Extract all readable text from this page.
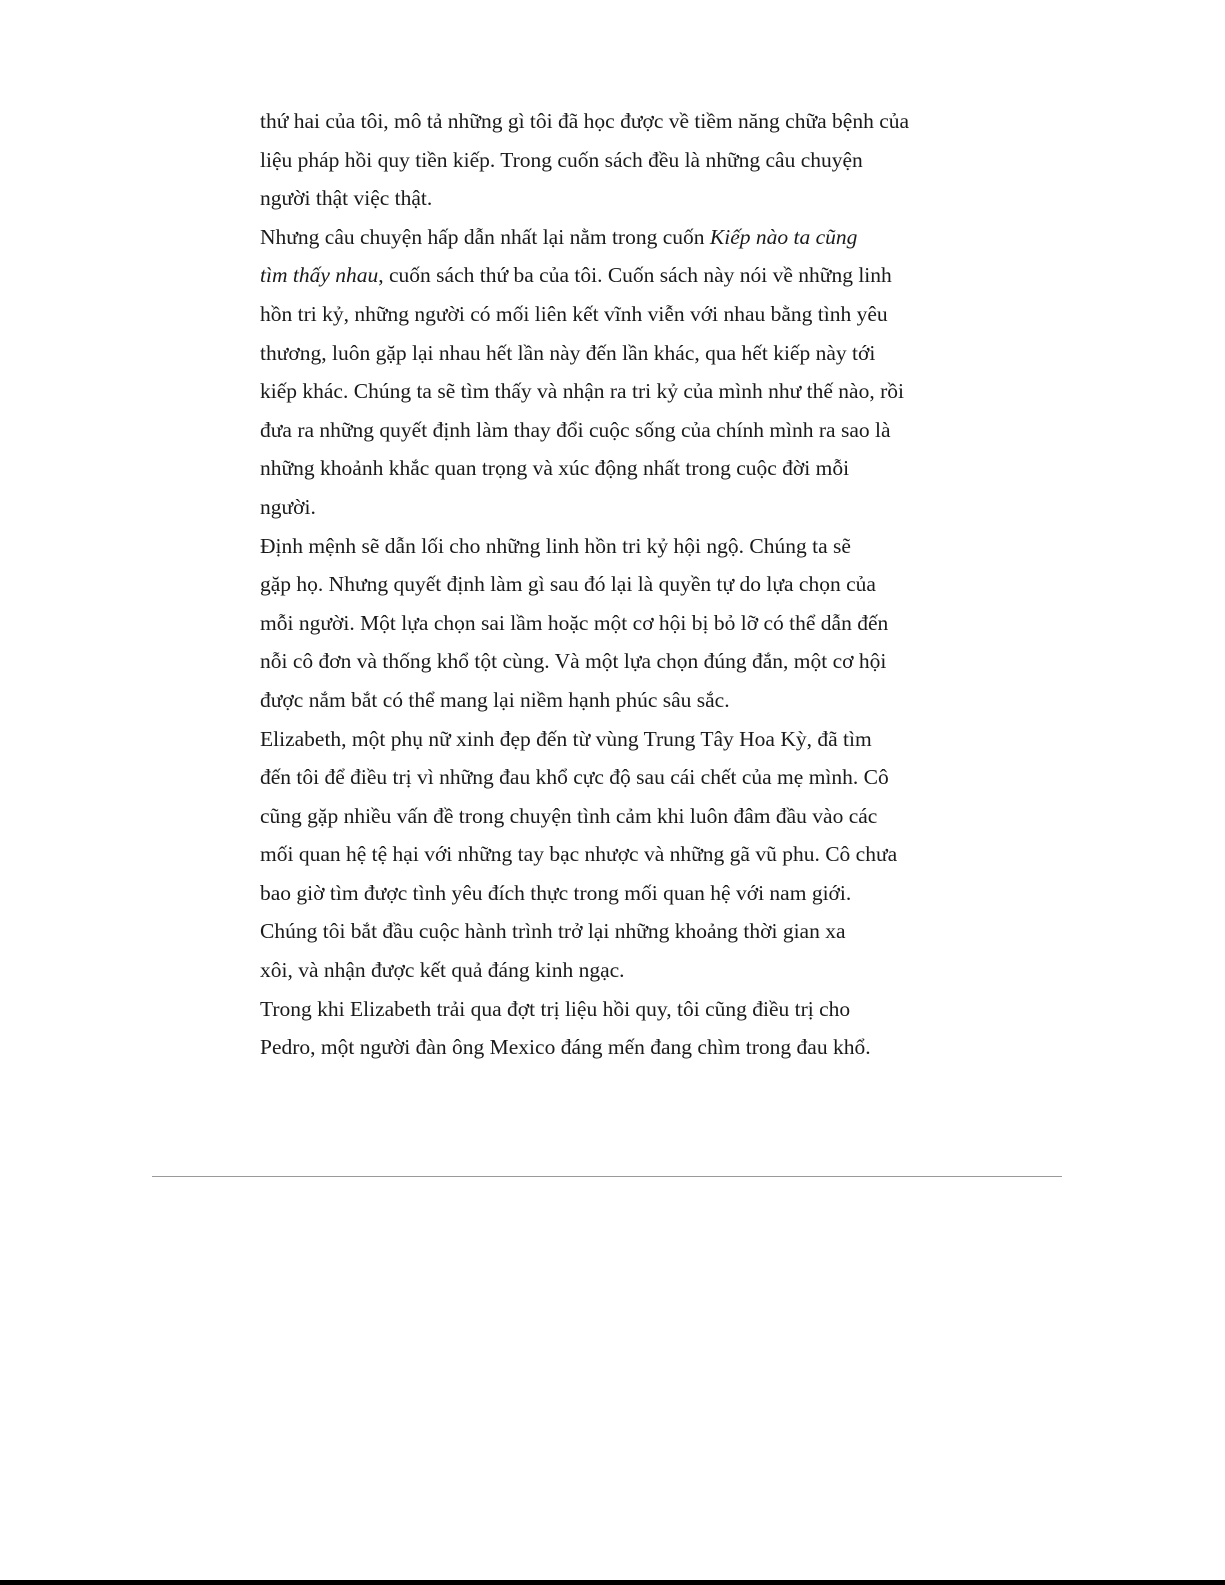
thứ hai của tôi, mô tả những gì tôi đã học được về tiềm năng chữa bệnh của
liệu pháp hồi quy tiền kiếp. Trong cuốn sách đều là những câu chuyện
người thật việc thật.
Nhưng câu chuyện hấp dẫn nhất lại nằm trong cuốn Kiếp nào ta cũng
tìm thấy nhau, cuốn sách thứ ba của tôi. Cuốn sách này nói về những linh
hồn tri kỷ, những người có mối liên kết vĩnh viễn với nhau bằng tình yêu
thương, luôn gặp lại nhau hết lần này đến lần khác, qua hết kiếp này tới
kiếp khác. Chúng ta sẽ tìm thấy và nhận ra tri kỷ của mình như thế nào, rồi
đưa ra những quyết định làm thay đổi cuộc sống của chính mình ra sao là
những khoảnh khắc quan trọng và xúc động nhất trong cuộc đời mỗi
người.
Định mệnh sẽ dẫn lối cho những linh hồn tri kỷ hội ngộ. Chúng ta sẽ
gặp họ. Nhưng quyết định làm gì sau đó lại là quyền tự do lựa chọn của
mỗi người. Một lựa chọn sai lầm hoặc một cơ hội bị bỏ lỡ có thể dẫn đến
nỗi cô đơn và thống khổ tột cùng. Và một lựa chọn đúng đắn, một cơ hội
được nắm bắt có thể mang lại niềm hạnh phúc sâu sắc.
Elizabeth, một phụ nữ xinh đẹp đến từ vùng Trung Tây Hoa Kỳ, đã tìm
đến tôi để điều trị vì những đau khổ cực độ sau cái chết của mẹ mình. Cô
cũng gặp nhiều vấn đề trong chuyện tình cảm khi luôn đâm đầu vào các
mối quan hệ tệ hại với những tay bạc nhược và những gã vũ phu. Cô chưa
bao giờ tìm được tình yêu đích thực trong mối quan hệ với nam giới.
Chúng tôi bắt đầu cuộc hành trình trở lại những khoảng thời gian xa
xôi, và nhận được kết quả đáng kinh ngạc.
Trong khi Elizabeth trải qua đợt trị liệu hồi quy, tôi cũng điều trị cho
Pedro, một người đàn ông Mexico đáng mến đang chìm trong đau khổ.
